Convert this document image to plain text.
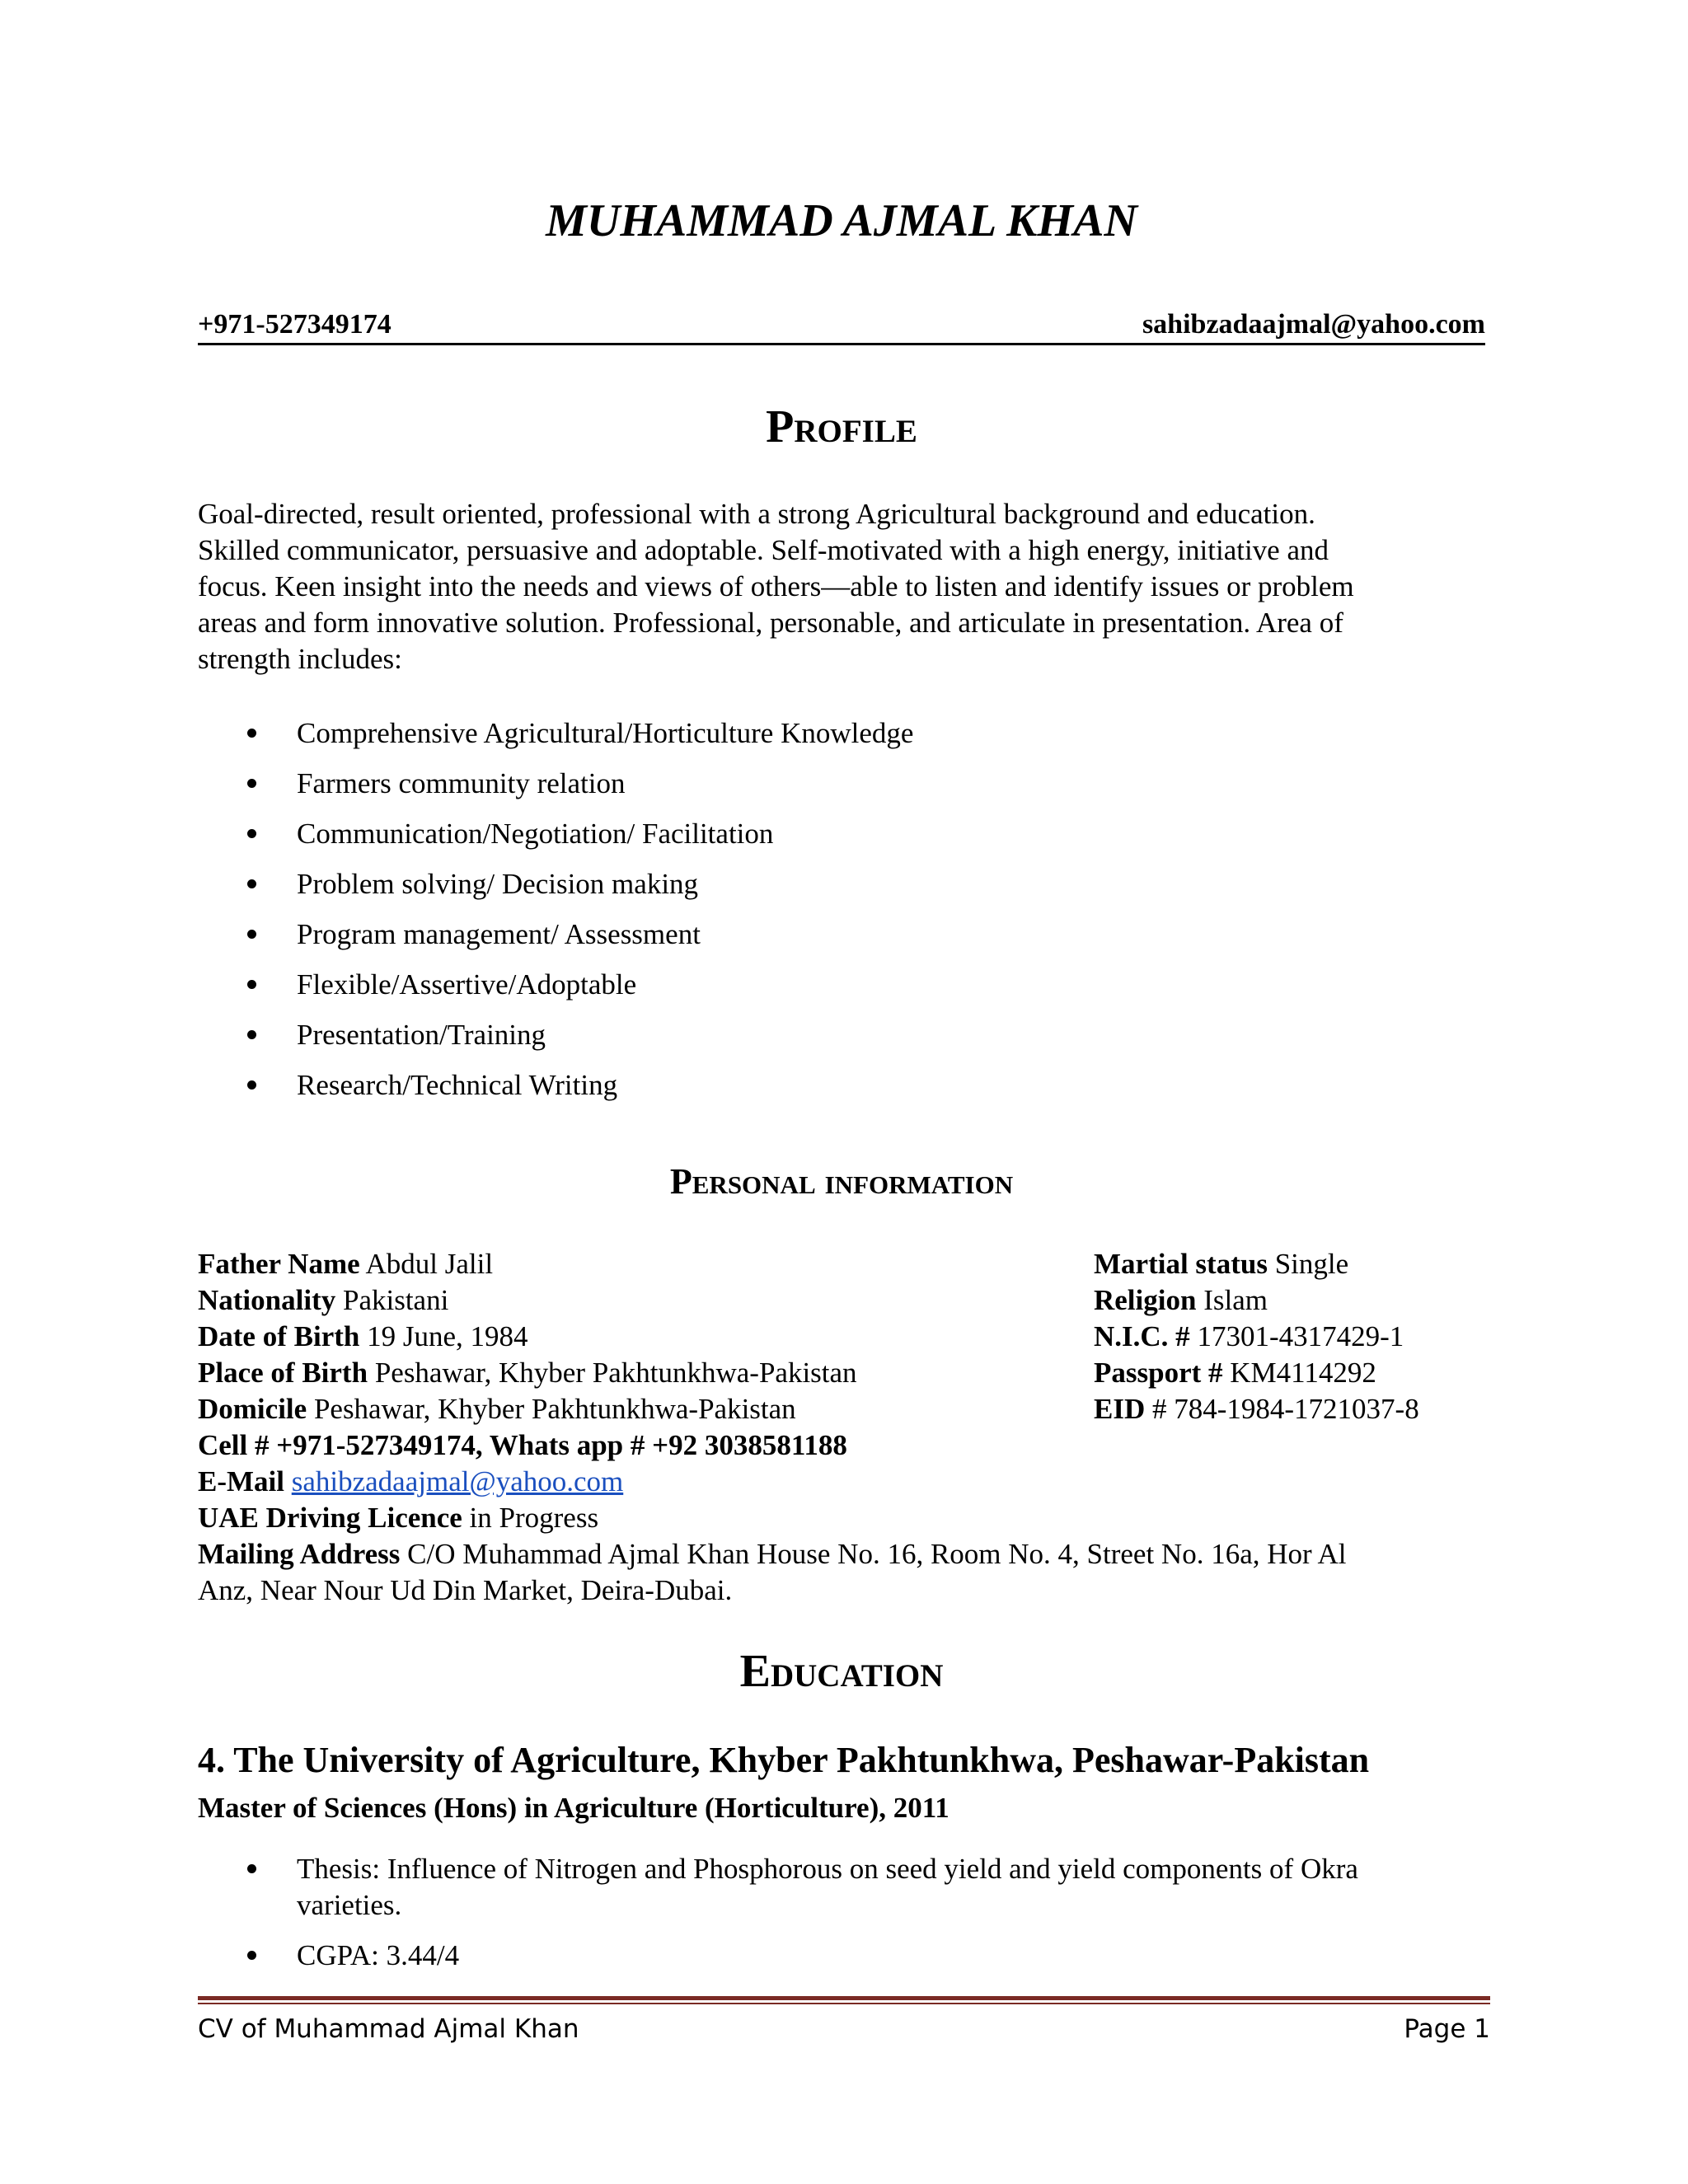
MUHAMMAD AJMAL KHAN
+971-527349174	sahibzadaajmal@yahoo.com
Profile
Goal-directed, result oriented, professional with a strong Agricultural background and education.
Skilled communicator, persuasive and adoptable. Self-motivated with a high energy, initiative and
focus. Keen insight into the needs and views of others—able to listen and identify issues or problem
areas and form innovative solution. Professional, personable, and articulate in presentation. Area of
strength includes:
Comprehensive Agricultural/Horticulture Knowledge
Farmers community relation
Communication/Negotiation/ Facilitation
Problem solving/ Decision making
Program management/ Assessment
Flexible/Assertive/Adoptable
Presentation/Training
Research/Technical Writing
Personal information
Father Name Abdul Jalil	Martial status Single
Nationality Pakistani	Religion Islam
Date of Birth 19 June, 1984	N.I.C. # 17301-4317429-1
Place of Birth Peshawar, Khyber Pakhtunkhwa-Pakistan	Passport # KM4114292
Domicile Peshawar, Khyber Pakhtunkhwa-Pakistan	EID # 784-1984-1721037-8
Cell # +971-527349174, Whats app # +92 3038581188
E-Mail sahibzadaajmal@yahoo.com
UAE Driving Licence in Progress
Mailing Address C/O Muhammad Ajmal Khan House No. 16, Room No. 4, Street No. 16a, Hor Al
Anz, Near Nour Ud Din Market, Deira-Dubai.
Education
4. The University of Agriculture, Khyber Pakhtunkhwa, Peshawar-Pakistan
Master of Sciences (Hons) in Agriculture (Horticulture), 2011
Thesis: Influence of Nitrogen and Phosphorous on seed yield and yield components of Okra
varieties.
CGPA: 3.44/4
CV of Muhammad Ajmal Khan	Page 1
